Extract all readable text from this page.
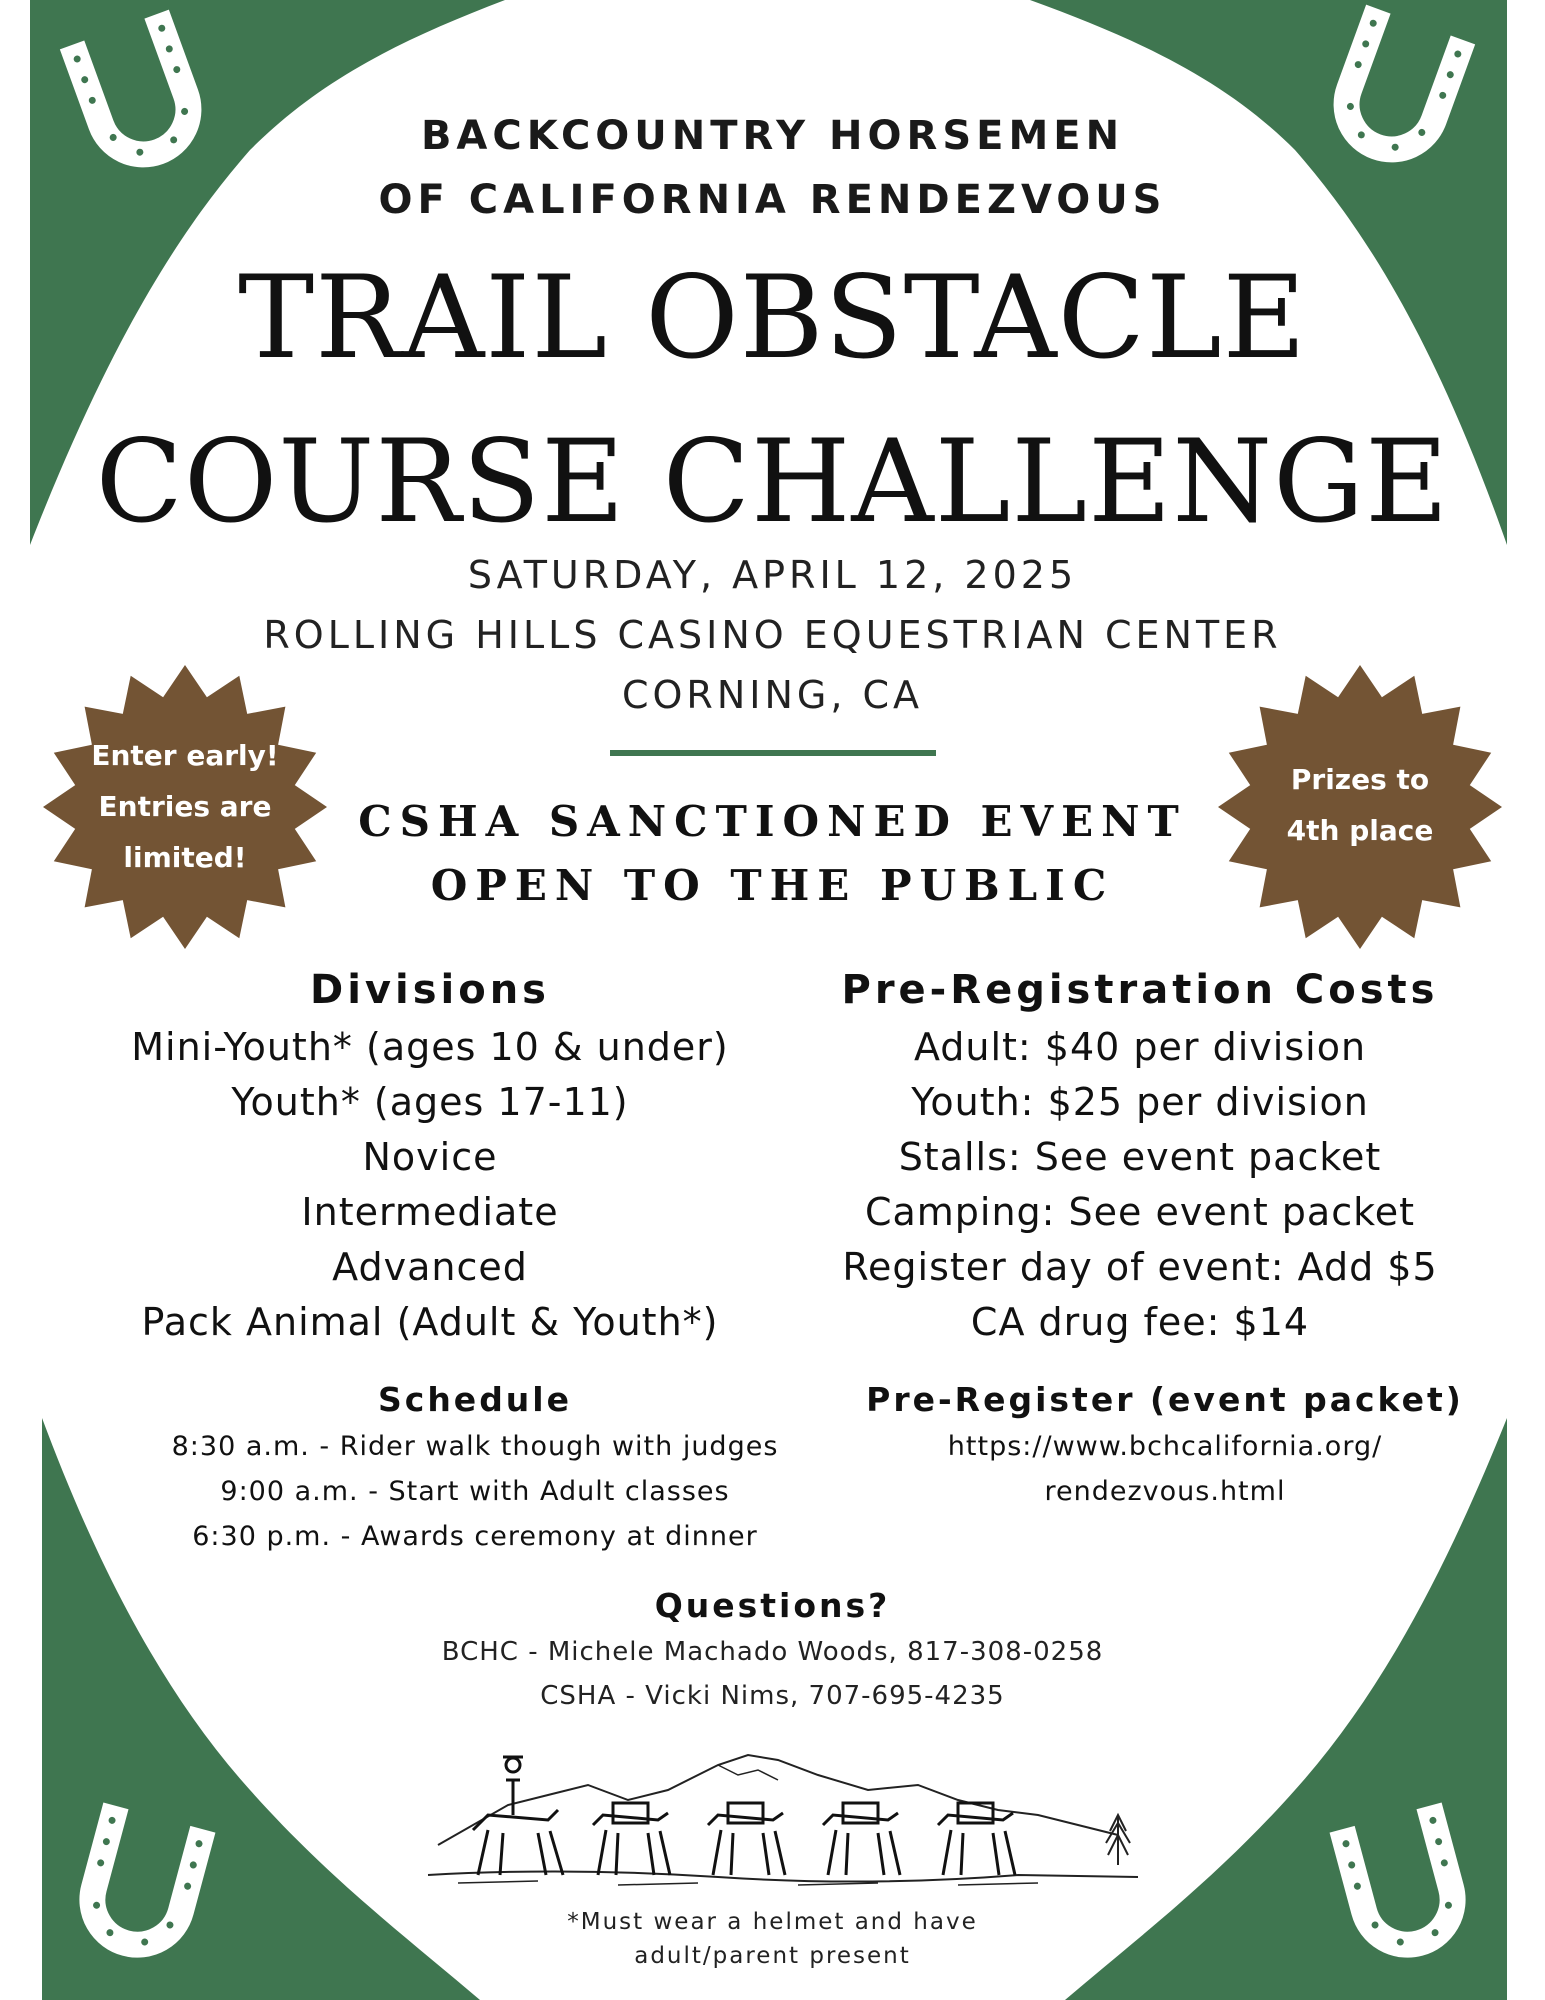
BACKCOUNTRY HORSEMEN
OF CALIFORNIA RENDEZVOUS
TRAIL OBSTACLE
COURSE CHALLENGE
SATURDAY, APRIL 12, 2025
ROLLING HILLS CASINO EQUESTRIAN CENTER
CORNING, CA
CSHA SANCTIONED EVENT
OPEN TO THE PUBLIC
Enter early!
Entries are
limited!
Prizes to
4th place
Divisions
Mini-Youth* (ages 10 & under)
Youth* (ages 17-11)
Novice
Intermediate
Advanced
Pack Animal (Adult & Youth*)
Pre-Registration Costs
Adult: $40 per division
Youth: $25 per division
Stalls: See event packet
Camping: See event packet
Register day of event: Add $5
CA drug fee: $14
Schedule
8:30 a.m. - Rider walk though with judges
9:00 a.m. - Start with Adult classes
6:30 p.m. - Awards ceremony at dinner
Pre-Register (event packet)
https://www.bchcalifornia.org/
rendezvous.html
Questions?
BCHC - Michele Machado Woods, 817-308-0258
CSHA - Vicki Nims, 707-695-4235
*Must wear a helmet and have
adult/parent present
